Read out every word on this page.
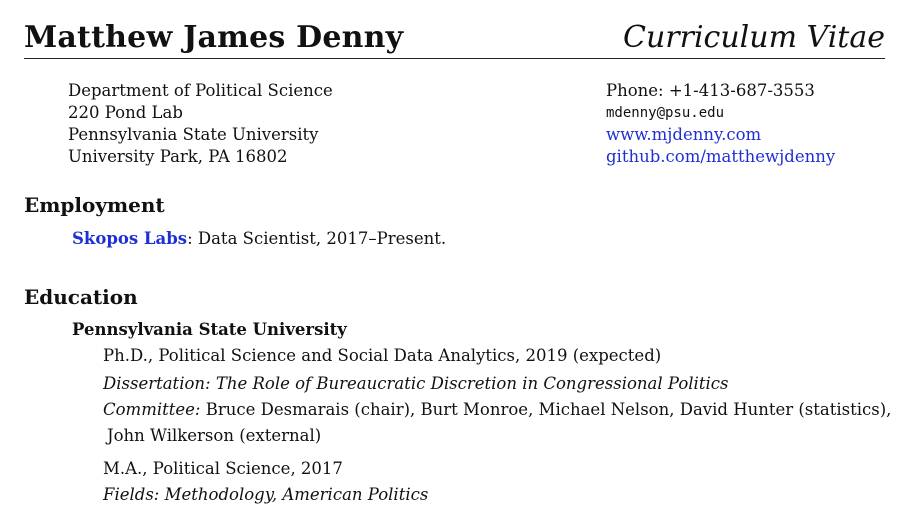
Matthew James Denny	Curriculum Vitae
Department of Political Science
220 Pond Lab
Pennsylvania State University
University Park, PA 16802
Phone: +1-413-687-3553
mdenny@psu.edu
www.mjdenny.com
github.com/matthewjdenny
Employment
Skopos Labs: Data Scientist, 2017–Present.
Education
Pennsylvania State University
Ph.D., Political Science and Social Data Analytics, 2019 (expected)
Dissertation: The Role of Bureaucratic Discretion in Congressional Politics
Committee: Bruce Desmarais (chair), Burt Monroe, Michael Nelson, David Hunter (statistics),
John Wilkerson (external)
M.A., Political Science, 2017
Fields: Methodology, American Politics
